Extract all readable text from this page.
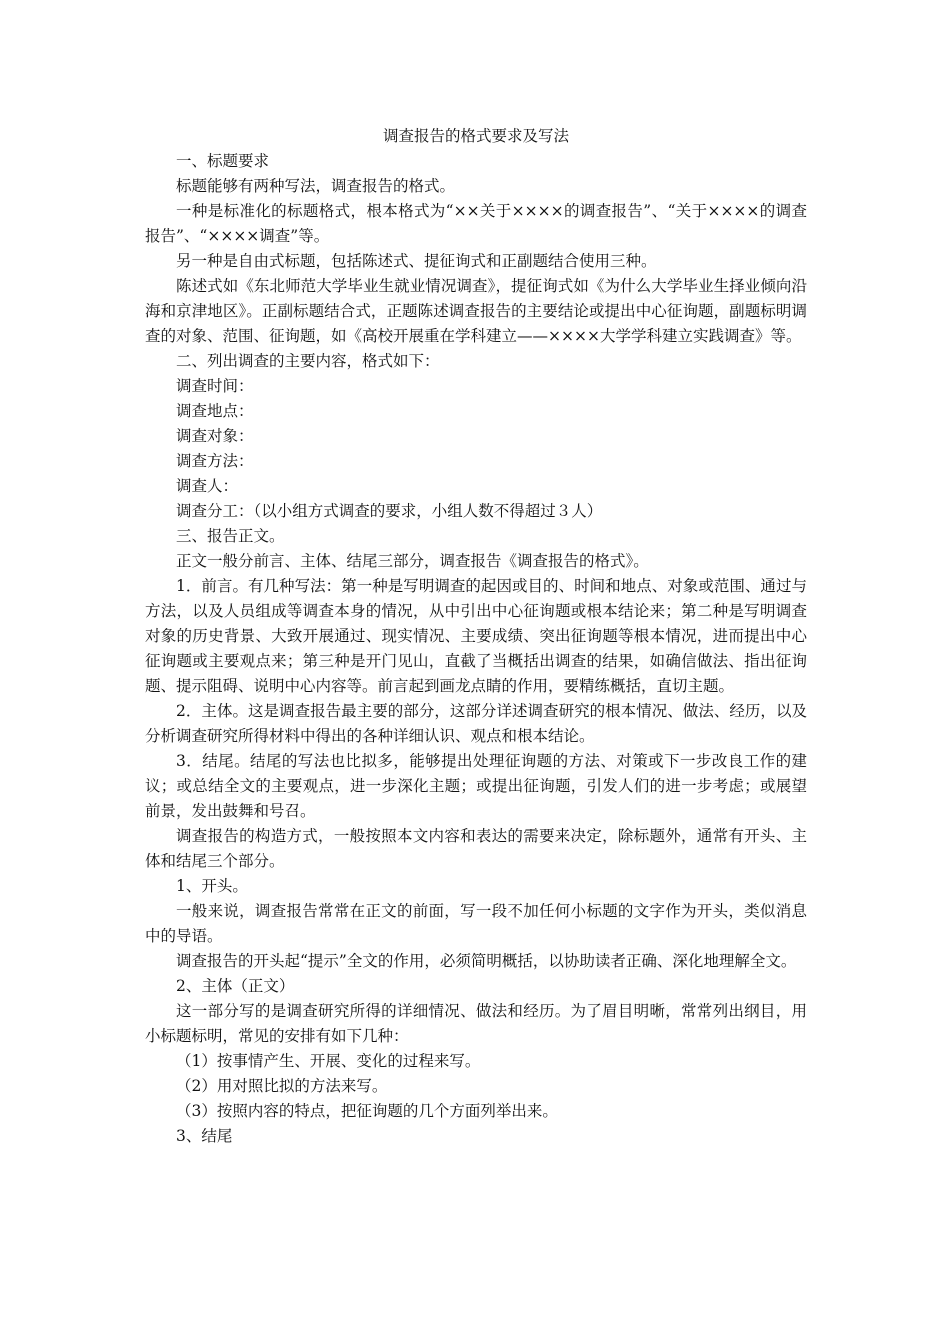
调查报告的格式要求及写法

一、标题要求

标题能够有两种写法，调查报告的格式。

一种是标准化的标题格式，根本格式为“××关于××××的调查报告”、“关于××××的调查报告”、“××××调查”等。

另一种是自由式标题，包括陈述式、提征询式和正副题结合使用三种。

陈述式如《东北师范大学毕业生就业情况调查》，提征询式如《为什么大学毕业生择业倾向沿海和京津地区》。正副标题结合式，正题陈述调查报告的主要结论或提出中心征询题，副题标明调查的对象、范围、征询题，如《高校开展重在学科建立——××××大学学科建立实践调查》等。

二、列出调查的主要内容，格式如下：

调查时间：

调查地点：

调查对象：

调查方法：

调查人：

调查分工：（以小组方式调查的要求，小组人数不得超过３人）

三、报告正文。

正文一般分前言、主体、结尾三部分，调查报告《调查报告的格式》。

1．前言。有几种写法：第一种是写明调查的起因或目的、时间和地点、对象或范围、通过与方法，以及人员组成等调查本身的情况，从中引出中心征询题或根本结论来；第二种是写明调查对象的历史背景、大致开展通过、现实情况、主要成绩、突出征询题等根本情况，进而提出中心征询题或主要观点来；第三种是开门见山，直截了当概括出调查的结果，如确信做法、指出征询题、提示阻碍、说明中心内容等。前言起到画龙点睛的作用，要精练概括，直切主题。

2．主体。这是调查报告最主要的部分，这部分详述调查研究的根本情况、做法、经历，以及分析调查研究所得材料中得出的各种详细认识、观点和根本结论。

3．结尾。结尾的写法也比拟多，能够提出处理征询题的方法、对策或下一步改良工作的建议；或总结全文的主要观点，进一步深化主题；或提出征询题，引发人们的进一步考虑；或展望前景，发出鼓舞和号召。

调查报告的构造方式，一般按照本文内容和表达的需要来决定，除标题外，通常有开头、主体和结尾三个部分。

1、开头。

一般来说，调查报告常常在正文的前面，写一段不加任何小标题的文字作为开头，类似消息中的导语。

调查报告的开头起“提示”全文的作用，必须简明概括，以协助读者正确、深化地理解全文。

2、主体（正文）

这一部分写的是调查研究所得的详细情况、做法和经历。为了眉目明晰，常常列出纲目，用小标题标明，常见的安排有如下几种：

（1）按事情产生、开展、变化的过程来写。

（2）用对照比拟的方法来写。

（3）按照内容的特点，把征询题的几个方面列举出来。

3、结尾
